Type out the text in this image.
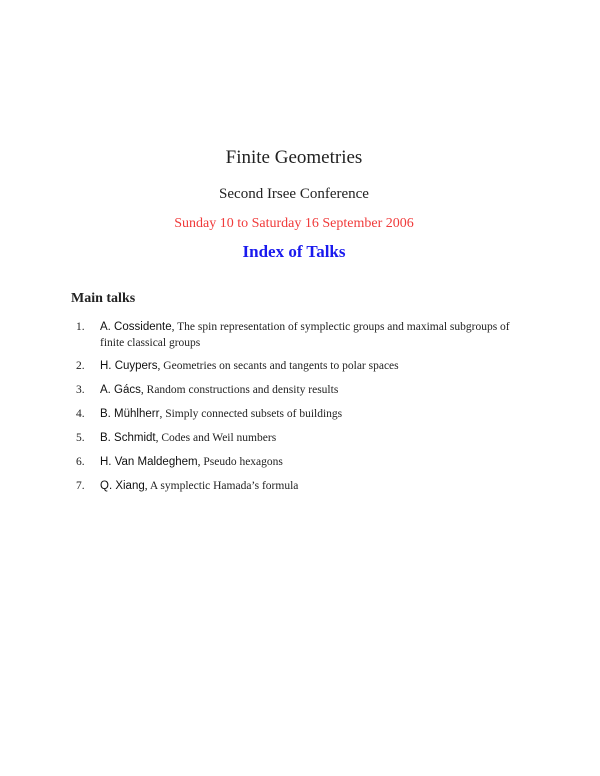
Finite Geometries
Second Irsee Conference
Sunday 10 to Saturday 16 September 2006
Index of Talks
Main talks
1.	A. Cossidente, The spin representation of symplectic groups and maximal subgroups of finite classical groups
2.	H. Cuypers, Geometries on secants and tangents to polar spaces
3.	A. Gács, Random constructions and density results
4.	B. Mühlherr, Simply connected subsets of buildings
5.	B. Schmidt, Codes and Weil numbers
6.	H. Van Maldeghem, Pseudo hexagons
7.	Q. Xiang, A symplectic Hamada’s formula
